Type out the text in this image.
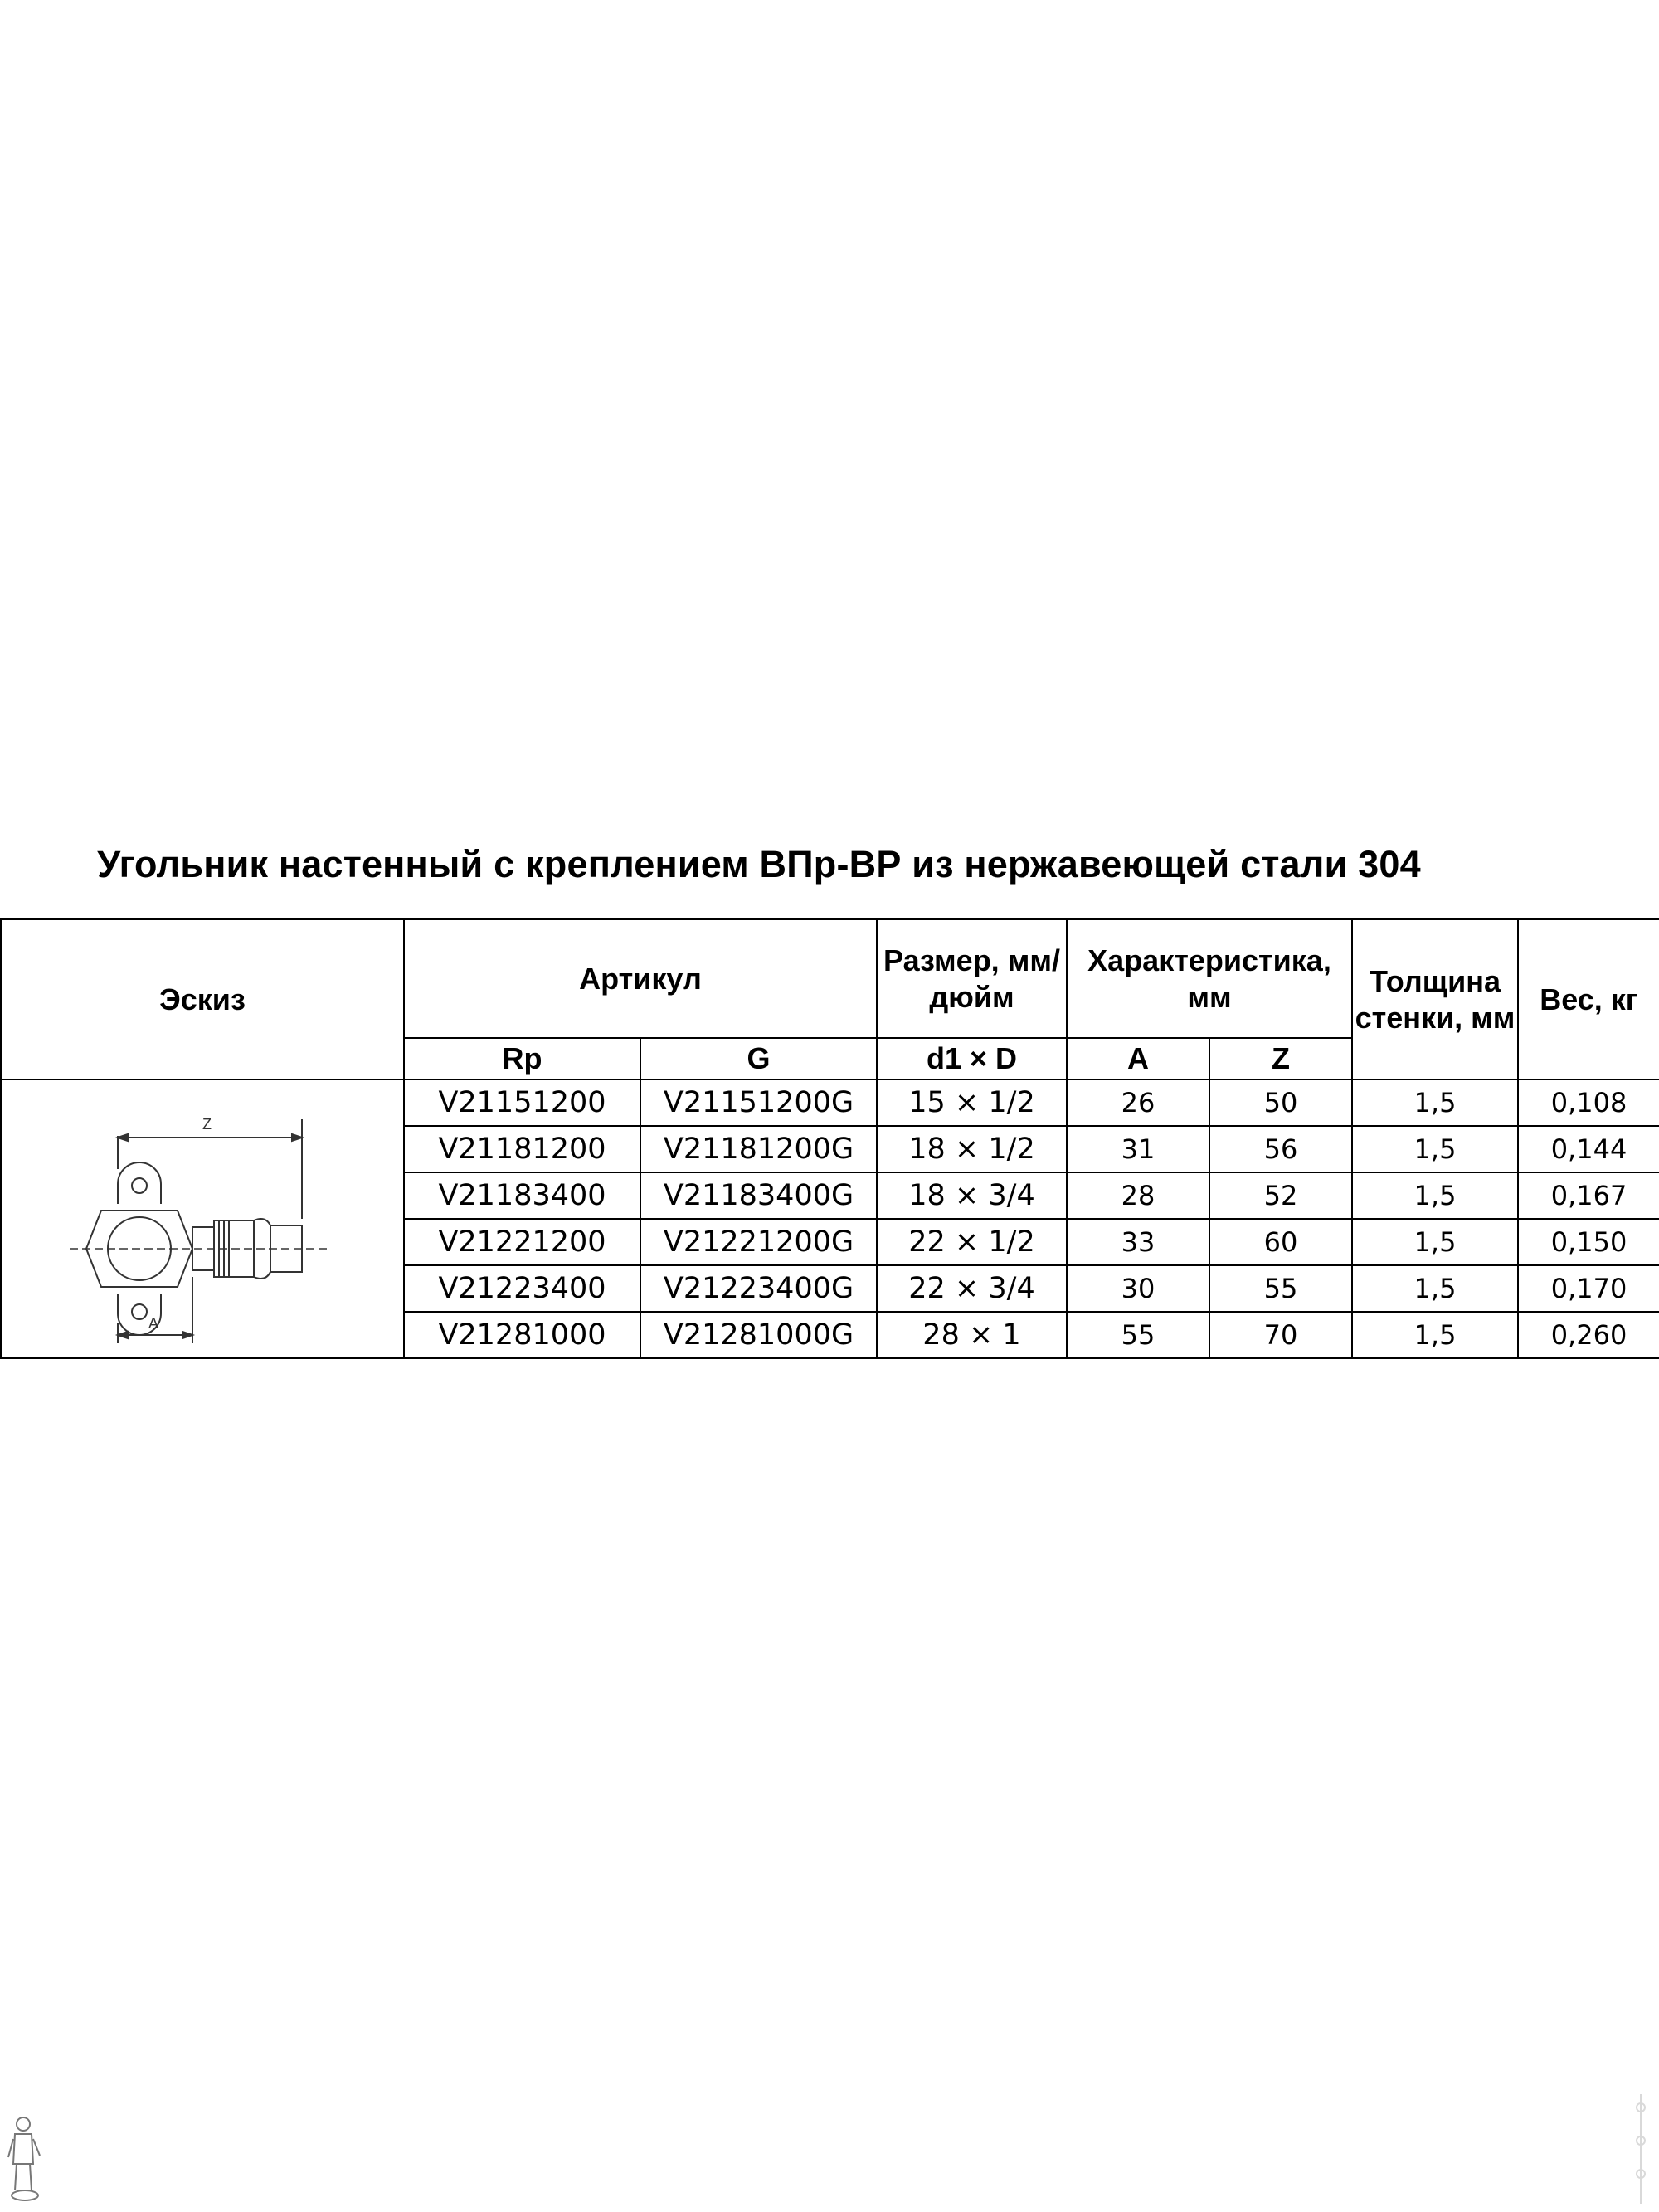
Угольник настенный с креплением ВПр-ВР из нержавеющей стали 304
Эскиз	Артикул		Размер, мм/дюйм	Характеристика, мм		Толщина стенки, мм	Вес, кг
	Rp	G	d1 × D	A	Z		

Z
A	V21151200	V21151200G	15 × 1/2	26	50	1,5	0,108
	V21181200	V21181200G	18 × 1/2	31	56	1,5	0,144
	V21183400	V21183400G	18 × 3/4	28	52	1,5	0,167
	V21221200	V21221200G	22 × 1/2	33	60	1,5	0,150
	V21223400	V21223400G	22 × 3/4	30	55	1,5	0,170
	V21281000	V21281000G	28 × 1	55	70	1,5	0,260
